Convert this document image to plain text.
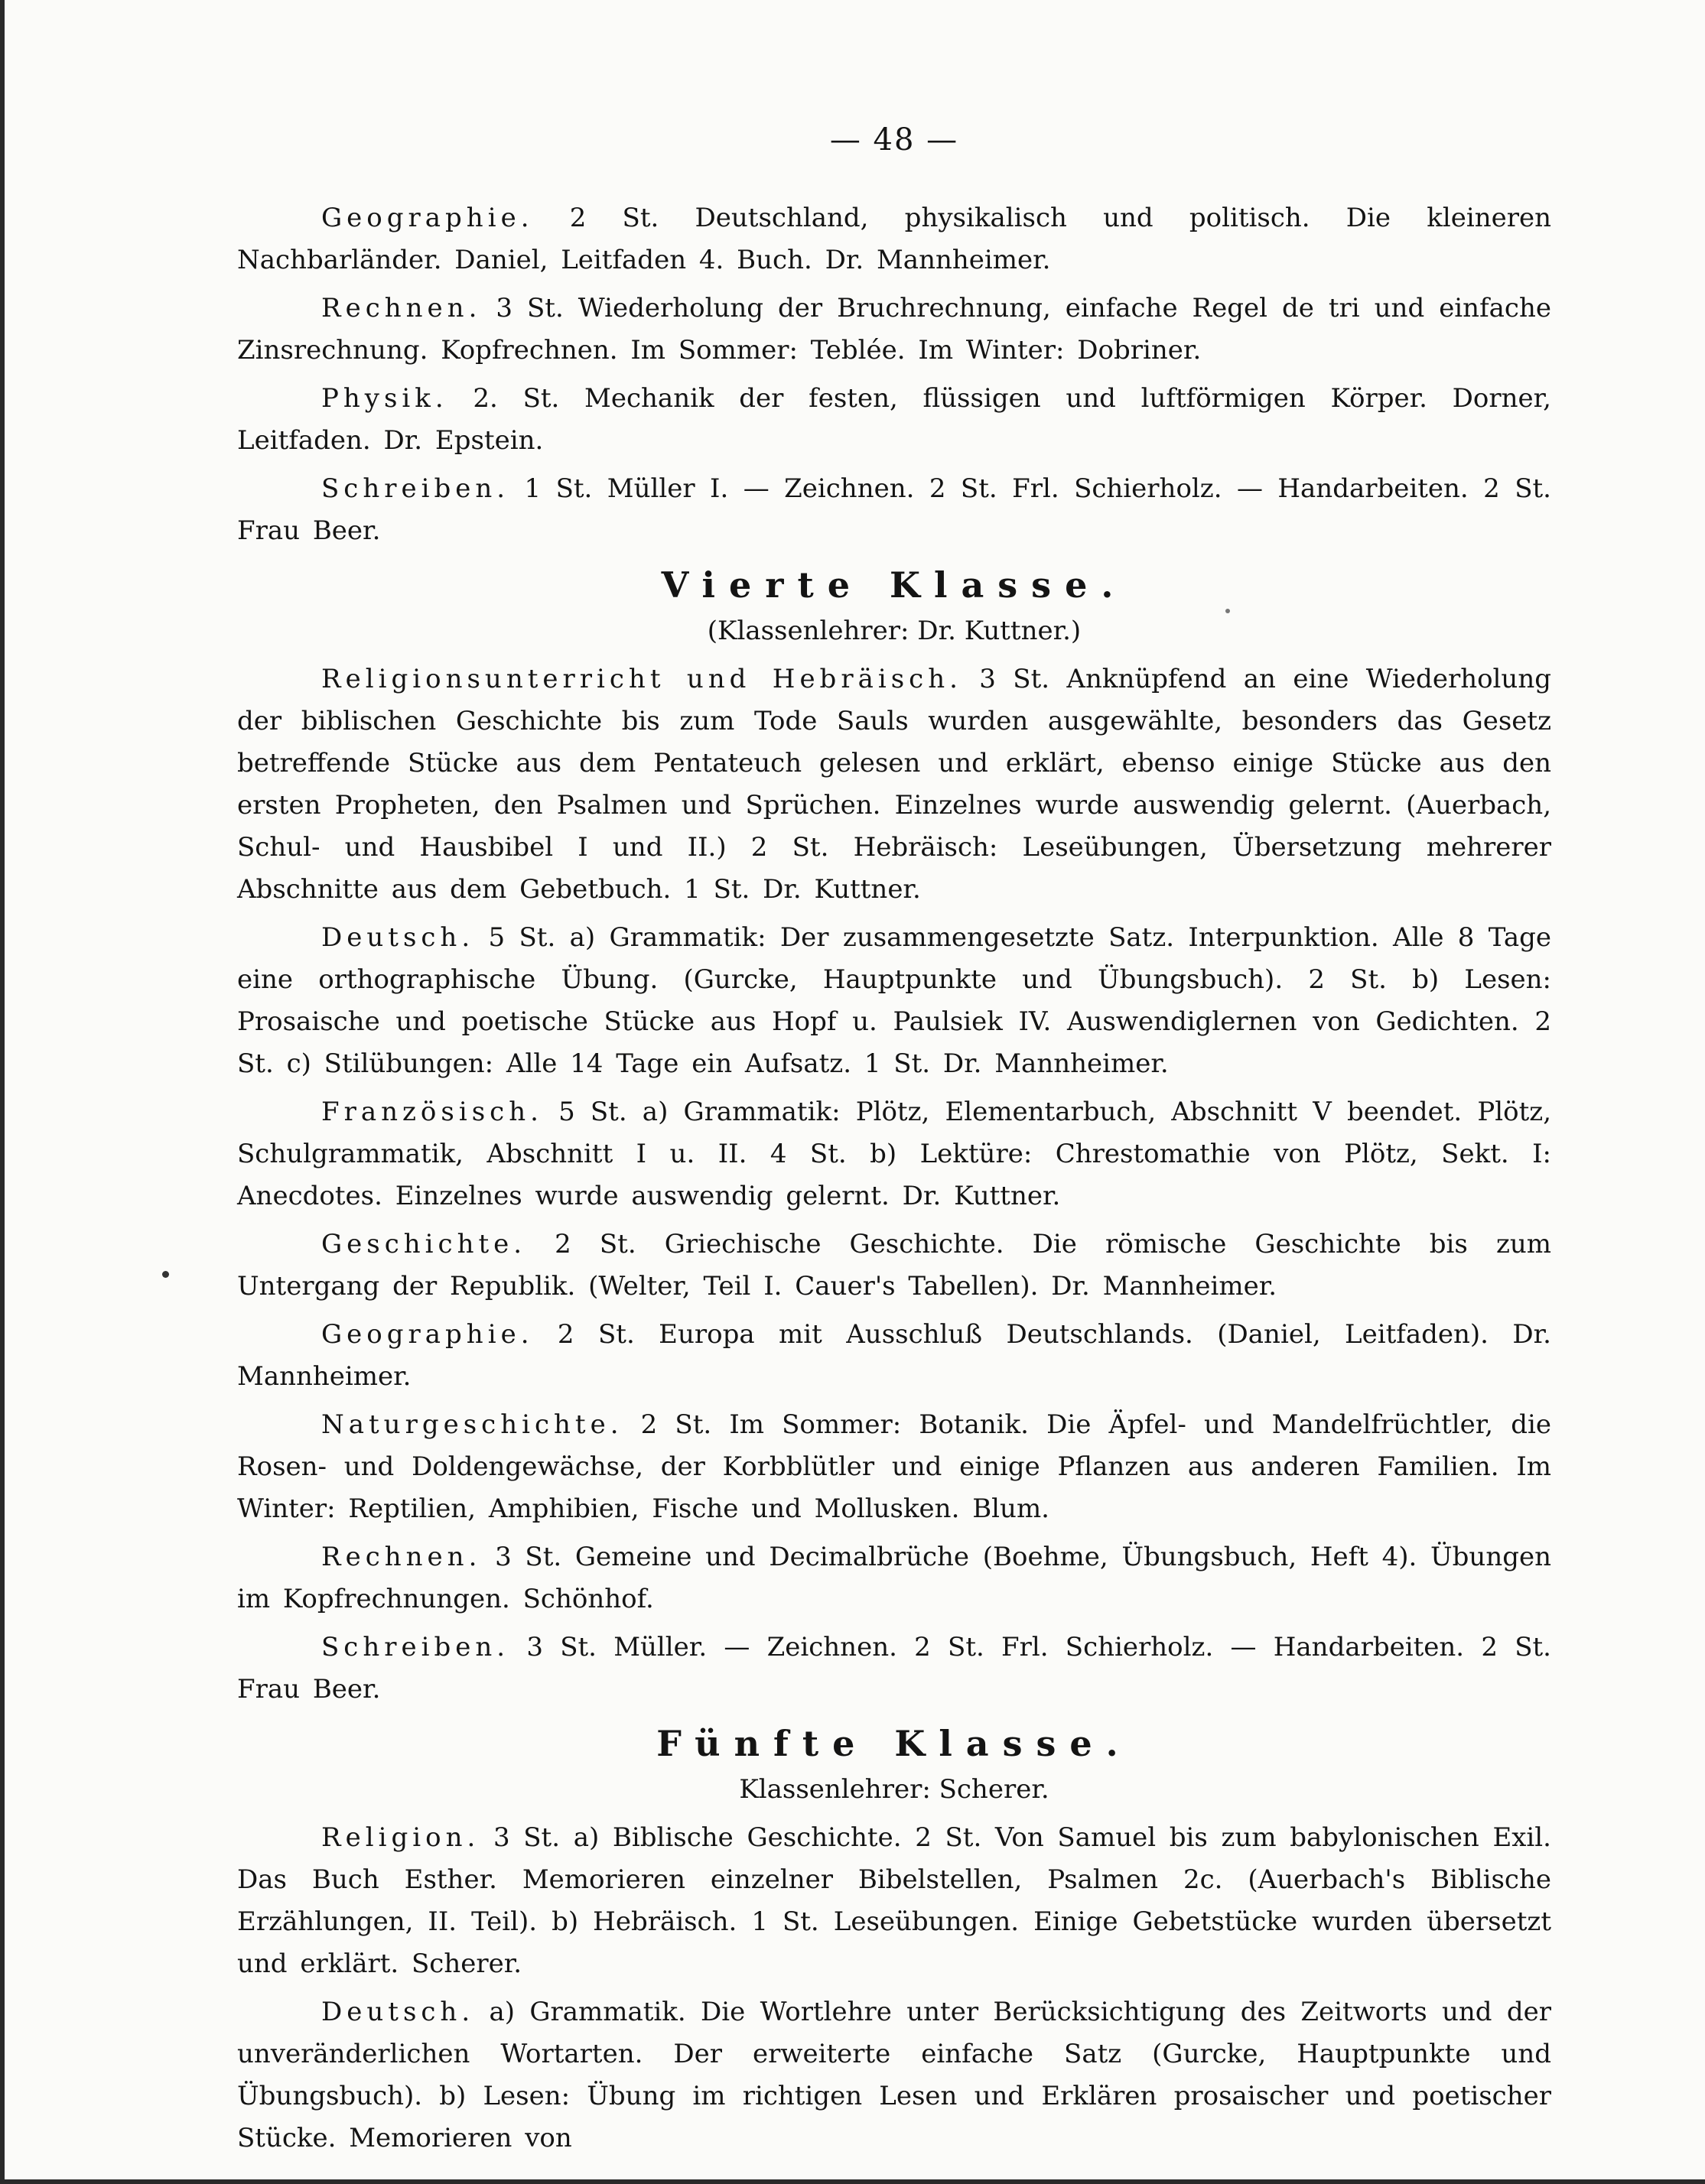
— 48 —

Geographie. 2 St. Deutschland, physikalisch und politisch. Die kleineren Nachbarländer. Daniel, Leitfaden 4. Buch. Dr. Mannheimer.

Rechnen. 3 St. Wiederholung der Bruchrechnung, einfache Regel de tri und einfache Zinsrechnung. Kopfrechnen. Im Sommer: Teblée. Im Winter: Dobriner.

Physik. 2. St. Mechanik der festen, flüssigen und luftförmigen Körper. Dorner, Leitfaden. Dr. Epstein.

Schreiben. 1 St. Müller I. — Zeichnen. 2 St. Frl. Schierholz. — Handarbeiten. 2 St. Frau Beer.

Vierte Klasse.
(Klassenlehrer: Dr. Kuttner.)

Religionsunterricht und Hebräisch. 3 St. Anknüpfend an eine Wiederholung der biblischen Geschichte bis zum Tode Sauls wurden ausgewählte, besonders das Gesetz betreffende Stücke aus dem Pentateuch gelesen und erklärt, ebenso einige Stücke aus den ersten Propheten, den Psalmen und Sprüchen. Einzelnes wurde auswendig gelernt. (Auerbach, Schul- und Hausbibel I und II.) 2 St. Hebräisch: Leseübungen, Übersetzung mehrerer Abschnitte aus dem Gebetbuch. 1 St. Dr. Kuttner.

Deutsch. 5 St. a) Grammatik: Der zusammengesetzte Satz. Interpunktion. Alle 8 Tage eine orthographische Übung. (Gurcke, Hauptpunkte und Übungsbuch). 2 St. b) Lesen: Prosaische und poetische Stücke aus Hopf u. Paulsiek IV. Auswendiglernen von Gedichten. 2 St. c) Stilübungen: Alle 14 Tage ein Aufsatz. 1 St. Dr. Mannheimer.

Französisch. 5 St. a) Grammatik: Plötz, Elementarbuch, Abschnitt V beendet. Plötz, Schulgrammatik, Abschnitt I u. II. 4 St. b) Lektüre: Chrestomathie von Plötz, Sekt. I: Anecdotes. Einzelnes wurde auswendig gelernt. Dr. Kuttner.

Geschichte. 2 St. Griechische Geschichte. Die römische Geschichte bis zum Untergang der Republik. (Welter, Teil I. Cauer's Tabellen). Dr. Mannheimer.

Geographie. 2 St. Europa mit Ausschluß Deutschlands. (Daniel, Leitfaden). Dr. Mannheimer.

Naturgeschichte. 2 St. Im Sommer: Botanik. Die Äpfel- und Mandelfrüchtler, die Rosen- und Doldengewächse, der Korbblütler und einige Pflanzen aus anderen Familien. Im Winter: Reptilien, Amphibien, Fische und Mollusken. Blum.

Rechnen. 3 St. Gemeine und Decimalbrüche (Boehme, Übungsbuch, Heft 4). Übungen im Kopfrechnungen. Schönhof.

Schreiben. 3 St. Müller. — Zeichnen. 2 St. Frl. Schierholz. — Handarbeiten. 2 St. Frau Beer.

Fünfte Klasse.
Klassenlehrer: Scherer.

Religion. 3 St. a) Biblische Geschichte. 2 St. Von Samuel bis zum babylonischen Exil. Das Buch Esther. Memorieren einzelner Bibelstellen, Psalmen 2c. (Auerbach's Biblische Erzählungen, II. Teil). b) Hebräisch. 1 St. Leseübungen. Einige Gebetstücke wurden übersetzt und erklärt. Scherer.

Deutsch. a) Grammatik. Die Wortlehre unter Berücksichtigung des Zeitworts und der unveränderlichen Wortarten. Der erweiterte einfache Satz (Gurcke, Hauptpunkte und Übungsbuch). b) Lesen: Übung im richtigen Lesen und Erklären prosaischer und poetischer Stücke. Memorieren von
